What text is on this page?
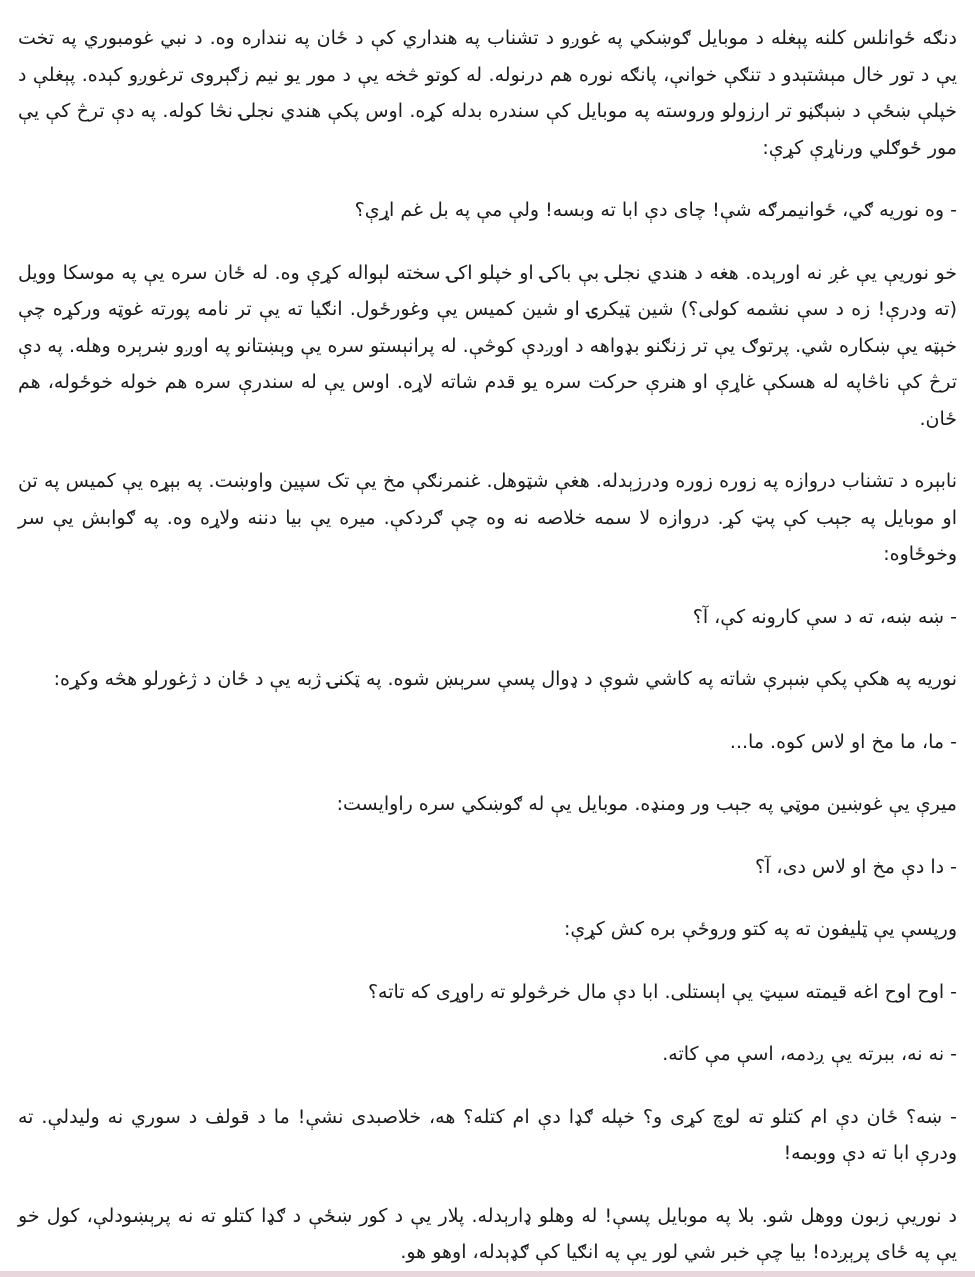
دنګه ځوانلس کلنه پېغله د موبايل ګوښکي په غوږو د تشناب په هنداري کې د ځان په ننداره وه. د نبي غومبوري په تخت يې د تور خال مېشتېدو د تنګې خوانې، پانګه نوره هم درنوله. له کوتو څخه يې د مور يو نيم زګېروی ترغوږو کېده. پېغلې د خپلې ښځې د ښېګڼو تر ارزولو وروسته په موبايل کې سندره بدله کړه. اوس پکې هندي نجلۍ نڅا کوله. په دې ترڅ کې يې مور ځوګلي ورناړې کړې:

- وه نوريه ګي، ځوانيمرګه شې! چای دې ابا ته وبسه! ولې مې په بل غم اړې؟

خو نوريې يې غږ نه اورېده. هغه د هندي نجلۍ بې باکۍ او خپلو اکۍ سخته لېواله کړې وه. له ځان سره يې په موسکا وويل (ته ودرې! زه د سې نشمه کولی؟) شين ټيکرۍ او شين کميس يې وغورځول. انګيا ته يې تر نامه پورته غوټه ورکړه چې خېټه يې ښکاره شي. پرتوګ يې تر زنګنو بډواهه د اوږدې کوڅې. له پرانېستو سره يې وېښتانو په اوږو ښرېره وهله. په دې ترڅ کې ناڅاپه له هسکې غاړې او هنرې حرکت سره يو قدم شاته لاړه. اوس يې له سندرې سره هم خوله خوځوله، هم ځان.

نابېره د تشناب دروازه په زوره زوره ودرزېدله. هغې شټوهل. غنمرنګې مخ يې تک سپين واوښت. په بېړه يې کميس په تن او موبايل په جېب کې پټ کړ. دروازه لا سمه خلاصه نه وه چې ګردکې. ميره يې بيا دننه ولاړه وه. په ګوابش يې سر وخوځاوه:

- ښه ښه، ته د سې کارونه کې، آ؟

نوريه په هکې پکې ښېرې شاته په کاشي شوې د ډوال پسې سرېښ شوه. په ټکنۍ ژبه يې د ځان د ژغورلو هڅه وکړه:

- ما، ما مخ او لاس کوه. ما...

ميرې يې غوښين موټي په جېب ور ومنډه. موبايل يې له ګوښکي سره راوايست:

- دا دې مخ او لاس دی، آ؟

ورپسې يې ټليفون ته په کتو وروځې بره کش کړې:

- اوح اوح اغه قيمته سيټ يې اېستلی. ابا دې مال خرڅولو ته راوړی که تاته؟

- نه نه، ببرته يې ږدمه، اسې مې کاته.

- ښه؟ ځان دې ام کتلو ته لوچ کړی و؟ خپله ګډا دې ام کتله؟ هه، خلاصبدی نشې! ما د قولف د سوري نه وليدلې. ته ودرې ابا ته دې ووبمه!

د نوريې زبون ووهل شو. بلا په موبايل پسې! له وهلو ډارېدله. پلار يې د کور ښځې د ګډا کتلو ته نه پرېښودلې، کول خو يې په ځای پرېږده! بيا چې خبر شي لور يې په انګيا کې ګډېدله، اوهو هو.
